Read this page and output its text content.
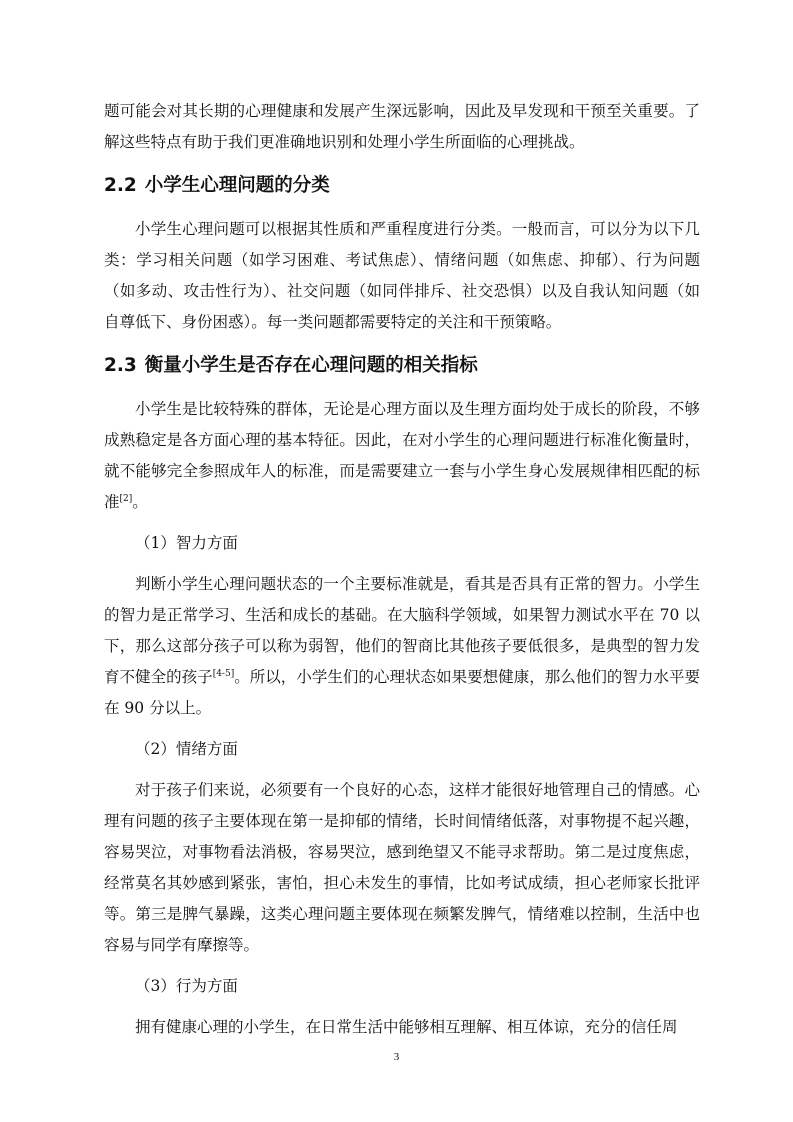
题可能会对其长期的心理健康和发展产生深远影响，因此及早发现和干预至关重要。了解这些特点有助于我们更准确地识别和处理小学生所面临的心理挑战。

2.2 小学生心理问题的分类

小学生心理问题可以根据其性质和严重程度进行分类。一般而言，可以分为以下几类：学习相关问题（如学习困难、考试焦虑）、情绪问题（如焦虑、抑郁）、行为问题（如多动、攻击性行为）、社交问题（如同伴排斥、社交恐惧）以及自我认知问题（如自尊低下、身份困惑）。每一类问题都需要特定的关注和干预策略。

2.3 衡量小学生是否存在心理问题的相关指标

小学生是比较特殊的群体，无论是心理方面以及生理方面均处于成长的阶段，不够成熟稳定是各方面心理的基本特征。因此，在对小学生的心理问题进行标准化衡量时，就不能够完全参照成年人的标准，而是需要建立一套与小学生身心发展规律相匹配的标准[2]。

（1）智力方面

判断小学生心理问题状态的一个主要标准就是，看其是否具有正常的智力。小学生的智力是正常学习、生活和成长的基础。在大脑科学领域，如果智力测试水平在 70 以下，那么这部分孩子可以称为弱智，他们的智商比其他孩子要低很多，是典型的智力发育不健全的孩子[4-5]。所以，小学生们的心理状态如果要想健康，那么他们的智力水平要在 90 分以上。

（2）情绪方面

对于孩子们来说，必须要有一个良好的心态，这样才能很好地管理自己的情感。心理有问题的孩子主要体现在第一是抑郁的情绪，长时间情绪低落，对事物提不起兴趣，容易哭泣，对事物看法消极，容易哭泣，感到绝望又不能寻求帮助。第二是过度焦虑，经常莫名其妙感到紧张，害怕，担心未发生的事情，比如考试成绩，担心老师家长批评等。第三是脾气暴躁，这类心理问题主要体现在频繁发脾气，情绪难以控制，生活中也容易与同学有摩擦等。

（3）行为方面

拥有健康心理的小学生，在日常生活中能够相互理解、相互体谅，充分的信任周

3
